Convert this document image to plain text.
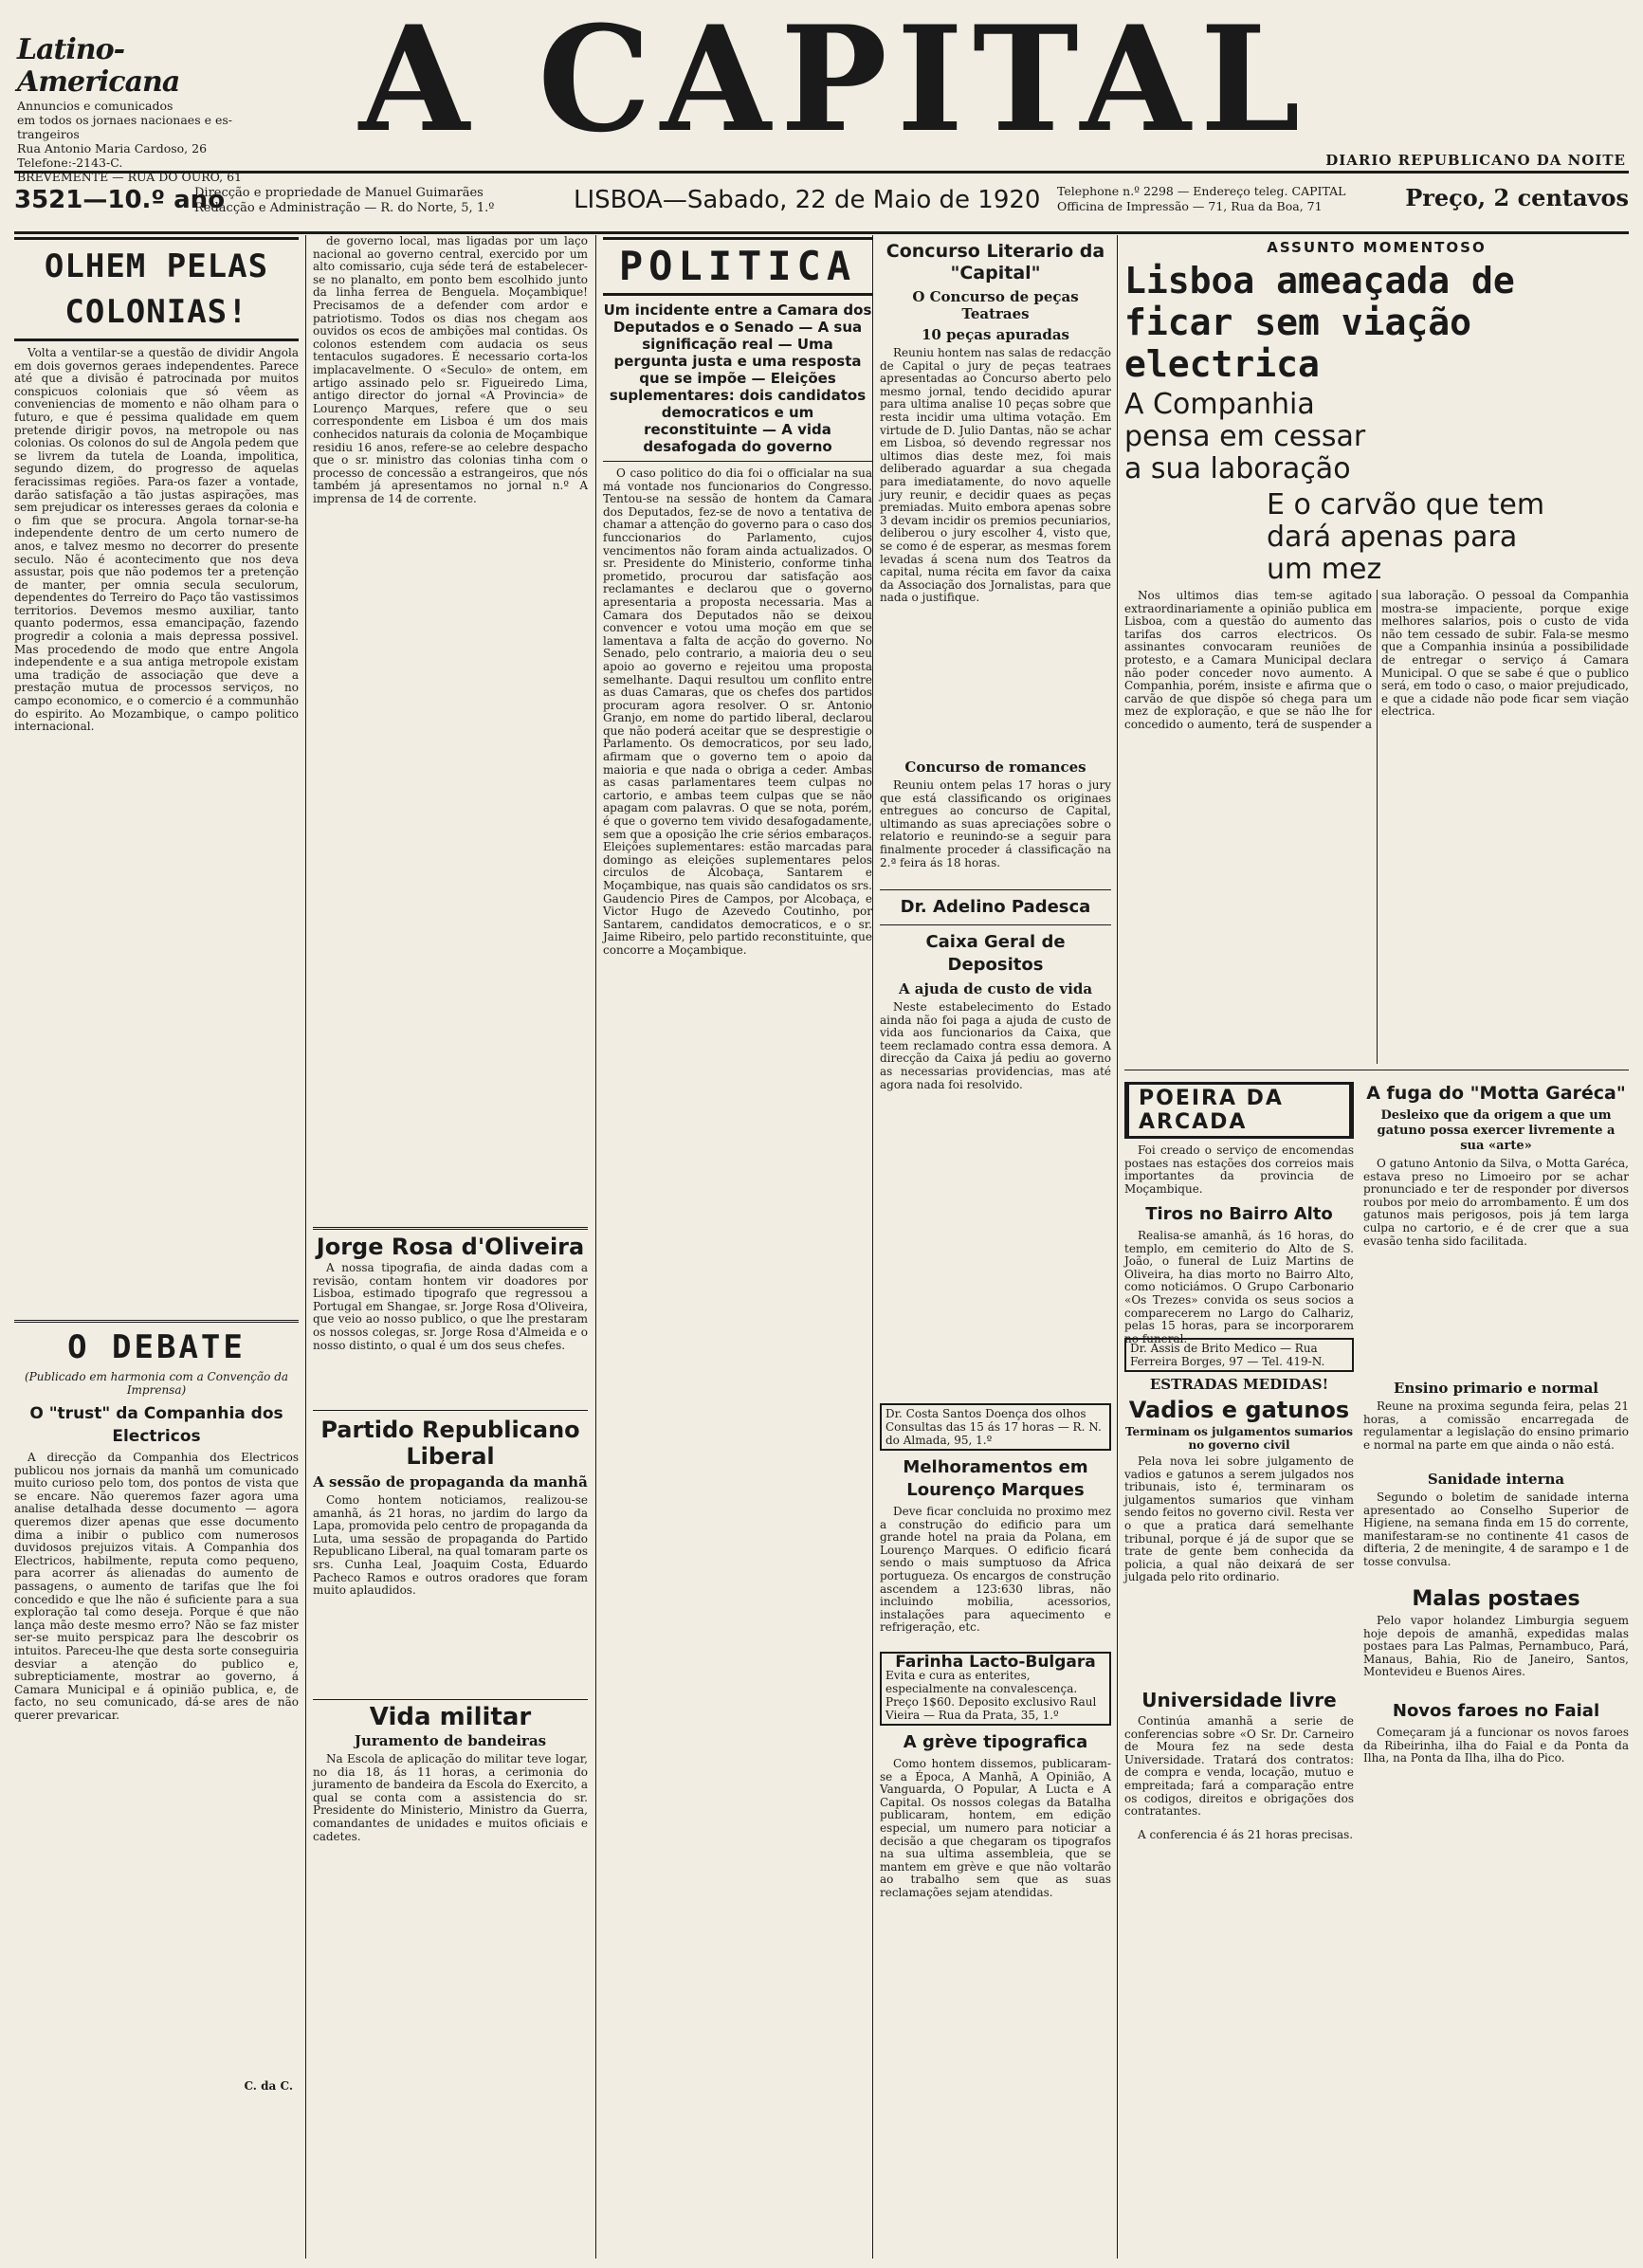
Latino-Americana
Annuncios e comunicados
em todos os jornaes nacionaes e es-
trangeiros
Rua Antonio Maria Cardoso, 26
Telefone:-2143-C.
BREVEMENTE — RUA DO OURO, 61
A CAPITAL	DIARIO REPUBLICANO DA NOITE
3521—10.º ano
Direcção e propriedade de Manuel Guimarães
Redacção e Administração — R. do Norte, 5, 1.º	LISBOA—Sabado, 22 de Maio de 1920 Telephone n.º 2298 — Endereço teleg. CAPITAL
Officina de Impressão — 71, Rua da Boa, 71	Preço, 2 centavos
OLHEM PELAS COLONIAS!

Volta a ventilar-se a questão de dividir Angola em dois governos geraes independentes. Parece até que a divisão é patrocinada por muitos conspicuos coloniais que só vêem as conveniencias de momento e não olham para o futuro, e que é pessima qualidade em quem pretende dirigir povos, na metropole ou nas colonias. Os colonos do sul de Angola pedem que se livrem da tutela de Loanda, impolitica, segundo dizem, do progresso de aquelas feracissimas regiões. Para-os fazer a vontade, darão satisfação a tão justas aspirações, mas sem prejudicar os interesses geraes da colonia e o fim que se procura. Angola tornar-se-ha independente dentro de um certo numero de anos, e talvez mesmo no decorrer do presente seculo. Não é acontecimento que nos deva assustar, pois que não podemos ter a pretenção de manter, per omnia secula seculorum, dependentes do Terreiro do Paço tão vastissimos territorios. Devemos mesmo auxiliar, tanto quanto podermos, essa emancipação, fazendo progredir a colonia a mais depressa possivel. Mas procedendo de modo que entre Angola independente e a sua antiga metropole existam uma tradição de associação que deve a prestação mutua de processos serviços, no campo economico, e o comercio é a communhão do espirito. Ao Mozambique, o campo politico internacional.

O DEBATE
(Publicado em harmonia com a Convenção da Imprensa)
O "trust" da Companhia dos Electricos

A direcção da Companhia dos Electricos publicou nos jornais da manhã um comunicado muito curioso pelo tom, dos pontos de vista que se encare. Não queremos fazer agora uma analise detalhada desse documento — agora queremos dizer apenas que esse documento dima a inibir o publico com numerosos duvidosos prejuizos vitais. A Companhia dos Electricos, habilmente, reputa como pequeno, para acorrer ás alienadas do aumento de passagens, o aumento de tarifas que lhe foi concedido e que lhe não é suficiente para a sua exploração tal como deseja. Porque é que não lança mão deste mesmo erro? Não se faz mister ser-se muito perspicaz para lhe descobrir os intuitos. Pareceu-lhe que desta sorte conseguiria desviar a atenção do publico e, subrepticiamente, mostrar ao governo, á Camara Municipal e á opinião publica, e, de facto, no seu comunicado, dá-se ares de não querer prevaricar.

C. da C.

de governo local, mas ligadas por um laço nacional ao governo central, exercido por um alto comissario, cuja séde terá de estabelecer-se no planalto, em ponto bem escolhido junto da linha ferrea de Benguela. Moçambique! Precisamos de a defender com ardor e patriotismo. Todos os dias nos chegam aos ouvidos os ecos de ambições mal contidas. Os colonos estendem com audacia os seus tentaculos sugadores. É necessario corta-los implacavelmente. O «Seculo» de ontem, em artigo assinado pelo sr. Figueiredo Lima, antigo director do jornal «A Provincia» de Lourenço Marques, refere que o seu correspondente em Lisboa é um dos mais conhecidos naturais da colonia de Moçambique residiu 16 anos, refere-se ao celebre despacho que o sr. ministro das colonias tinha com o processo de concessão a estrangeiros, que nós também já apresentamos no jornal n.º A imprensa de 14 de corrente.

Jorge Rosa d'Oliveira

A nossa tipografia, de ainda dadas com a revisão, contam hontem vir doadores por Lisboa, estimado tipografo que regressou a Portugal em Shangae, sr. Jorge Rosa d'Oliveira, que veio ao nosso publico, o que lhe prestaram os nossos colegas, sr. Jorge Rosa d'Almeida e o nosso distinto, o qual é um dos seus chefes.

Partido Republicano Liberal
A sessão de propaganda da manhã

Como hontem noticiamos, realizou-se amanhã, ás 21 horas, no jardim do largo da Lapa, promovida pelo centro de propaganda da Luta, uma sessão de propaganda do Partido Republicano Liberal, na qual tomaram parte os srs. Cunha Leal, Joaquim Costa, Eduardo Pacheco Ramos e outros oradores que foram muito aplaudidos.

Vida militar
Juramento de bandeiras

Na Escola de aplicação do militar teve logar, no dia 18, ás 11 horas, a cerimonia do juramento de bandeira da Escola do Exercito, a qual se conta com a assistencia do sr. Presidente do Ministerio, Ministro da Guerra, comandantes de unidades e muitos oficiais e cadetes.

POLITICA
Um incidente entre a Camara dos Deputados e o Senado — A sua significação real — Uma pergunta justa e uma resposta que se impõe — Eleições suplementares: dois candidatos democraticos e um reconstituinte — A vida desafogada do governo

O caso politico do dia foi o officialar na sua má vontade nos funcionarios do Congresso. Tentou-se na sessão de hontem da Camara dos Deputados, fez-se de novo a tentativa de chamar a attenção do governo para o caso dos funccionarios do Parlamento, cujos vencimentos não foram ainda actualizados. O sr. Presidente do Ministerio, conforme tinha prometido, procurou dar satisfação aos reclamantes e declarou que o governo apresentaria a proposta necessaria. Mas a Camara dos Deputados não se deixou convencer e votou uma moção em que se lamentava a falta de acção do governo. No Senado, pelo contrario, a maioria deu o seu apoio ao governo e rejeitou uma proposta semelhante. Daqui resultou um conflito entre as duas Camaras, que os chefes dos partidos procuram agora resolver. O sr. Antonio Granjo, em nome do partido liberal, declarou que não poderá aceitar que se desprestigie o Parlamento. Os democraticos, por seu lado, afirmam que o governo tem o apoio da maioria e que nada o obriga a ceder. Ambas as casas parlamentares teem culpas no cartorio, e ambas teem culpas que se não apagam com palavras. O que se nota, porém, é que o governo tem vivido desafogadamente, sem que a oposição lhe crie sérios embaraços. Eleições suplementares: estão marcadas para domingo as eleições suplementares pelos circulos de Alcobaça, Santarem e Moçambique, nas quais são candidatos os srs. Gaudencio Pires de Campos, por Alcobaça, e Victor Hugo de Azevedo Coutinho, por Santarem, candidatos democraticos, e o sr. Jaime Ribeiro, pelo partido reconstituinte, que concorre a Moçambique.

Concurso Literario da "Capital"
O Concurso de peças Teatraes
10 peças apuradas

Reuniu hontem nas salas de redacção de Capital o jury de peças teatraes apresentadas ao Concurso aberto pelo mesmo jornal, tendo decidido apurar para ultima analise 10 peças sobre que resta incidir uma ultima votação. Em virtude de D. Julio Dantas, não se achar em Lisboa, só devendo regressar nos ultimos dias deste mez, foi mais deliberado aguardar a sua chegada para imediatamente, do novo aquelle jury reunir, e decidir quaes as peças premiadas. Muito embora apenas sobre 3 devam incidir os premios pecuniarios, deliberou o jury escolher 4, visto que, se como é de esperar, as mesmas forem levadas á scena num dos Teatros da capital, numa récita em favor da caixa da Associação dos Jornalistas, para que nada o justifique.

Concurso de romances

Reuniu ontem pelas 17 horas o jury que está classificando os originaes entregues ao concurso de Capital, ultimando as suas apreciações sobre o relatorio e reunindo-se a seguir para finalmente proceder á classificação na 2.ª feira ás 18 horas.

Dr. Adelino Padesca
Caixa Geral de Depositos
A ajuda de custo de vida

Neste estabelecimento do Estado ainda não foi paga a ajuda de custo de vida aos funcionarios da Caixa, que teem reclamado contra essa demora. A direcção da Caixa já pediu ao governo as necessarias providencias, mas até agora nada foi resolvido.

Dr. Costa Santos Doença dos olhos Consultas das 15 ás 17 horas — R. N. do Almada, 95, 1.º
Melhoramentos em Lourenço Marques

Deve ficar concluida no proximo mez a construção do edificio para um grande hotel na praia da Polana, em Lourenço Marques. O edificio ficará sendo o mais sumptuoso da Africa portugueza. Os encargos de construção ascendem a 123:630 libras, não incluindo mobilia, acessorios, instalações para aquecimento e refrigeração, etc.

Farinha Lacto-Bulgara
Evita e cura as enterites, especialmente na convalescença. Preço 1$60. Deposito exclusivo Raul Vieira — Rua da Prata, 35, 1.º
A grève tipografica

Como hontem dissemos, publicaram-se a Época, A Manhã, A Opinião, A Vanguarda, O Popular, A Lucta e A Capital. Os nossos colegas da Batalha publicaram, hontem, em edição especial, um numero para noticiar a decisão a que chegaram os tipografos na sua ultima assembleia, que se mantem em grève e que não voltarão ao trabalho sem que as suas reclamações sejam atendidas.

ASSUNTO MOMENTOSO
Lisboa ameaçada de ficar sem viação electrica
A Companhia pensa em cessar a sua laboração
E o carvão que tem dará apenas para um mez

Nos ultimos dias tem-se agitado extraordinariamente a opinião publica em Lisboa, com a questão do aumento das tarifas dos carros electricos. Os assinantes convocaram reuniões de protesto, e a Camara Municipal declara não poder conceder novo aumento. A Companhia, porém, insiste e afirma que o carvão de que dispõe só chega para um mez de exploração, e que se não lhe for concedido o aumento, terá de suspender a sua laboração. O pessoal da Companhia mostra-se impaciente, porque exige melhores salarios, pois o custo de vida não tem cessado de subir. Fala-se mesmo que a Companhia insinúa a possibilidade de entregar o serviço á Camara Municipal. O que se sabe é que o publico será, em todo o caso, o maior prejudicado, e que a cidade não pode ficar sem viação electrica.

POEIRA DA ARCADA

Foi creado o serviço de encomendas postaes nas estações dos correios mais importantes da provincia de Moçambique.

Tiros no Bairro Alto

Realisa-se amanhã, ás 16 horas, do templo, em cemiterio do Alto de S. João, o funeral de Luiz Martins de Oliveira, ha dias morto no Bairro Alto, como noticiámos. O Grupo Carbonario «Os Trezes» convida os seus socios a comparecerem no Largo do Calhariz, pelas 15 horas, para se incorporarem no funeral.

Dr. Assis de Brito Medico — Rua Ferreira Borges, 97 — Tel. 419-N.
ESTRADAS MEDIDAS!
Vadios e gatunos
Terminam os julgamentos sumarios no governo civil

Pela nova lei sobre julgamento de vadios e gatunos a serem julgados nos tribunais, isto é, terminaram os julgamentos sumarios que vinham sendo feitos no governo civil. Resta ver o que a pratica dará semelhante tribunal, porque é já de supor que se trate de gente bem conhecida da policia, a qual não deixará de ser julgada pelo rito ordinario.

Universidade livre

Continúa amanhã a serie de conferencias sobre «O Sr. Dr. Carneiro de Moura fez na sede desta Universidade. Tratará dos contratos: de compra e venda, locação, mutuo e empreitada; fará a comparação entre os codigos, direitos e obrigações dos contratantes.

A conferencia é ás 21 horas precisas.

A fuga do "Motta Garéca"
Desleixo que da origem a que um gatuno possa exercer livremente a sua «arte»

O gatuno Antonio da Silva, o Motta Garéca, estava preso no Limoeiro por se achar pronunciado e ter de responder por diversos roubos por meio do arrombamento. É um dos gatunos mais perigosos, pois já tem larga culpa no cartorio, e é de crer que a sua evasão tenha sido facilitada.

Ensino primario e normal

Reune na proxima segunda feira, pelas 21 horas, a comissão encarregada de regulamentar a legislação do ensino primario e normal na parte em que ainda o não está.

Sanidade interna

Segundo o boletim de sanidade interna apresentado ao Conselho Superior de Higiene, na semana finda em 15 do corrente, manifestaram-se no continente 41 casos de difteria, 2 de meningite, 4 de sarampo e 1 de tosse convulsa.

Malas postaes

Pelo vapor holandez Limburgia seguem hoje depois de amanhã, expedidas malas postaes para Las Palmas, Pernambuco, Pará, Manaus, Bahia, Rio de Janeiro, Santos, Montevideu e Buenos Aires.

Novos faroes no Faial

Começaram já a funcionar os novos faroes da Ribeirinha, ilha do Faial e da Ponta da Ilha, na Ponta da Ilha, ilha do Pico.
